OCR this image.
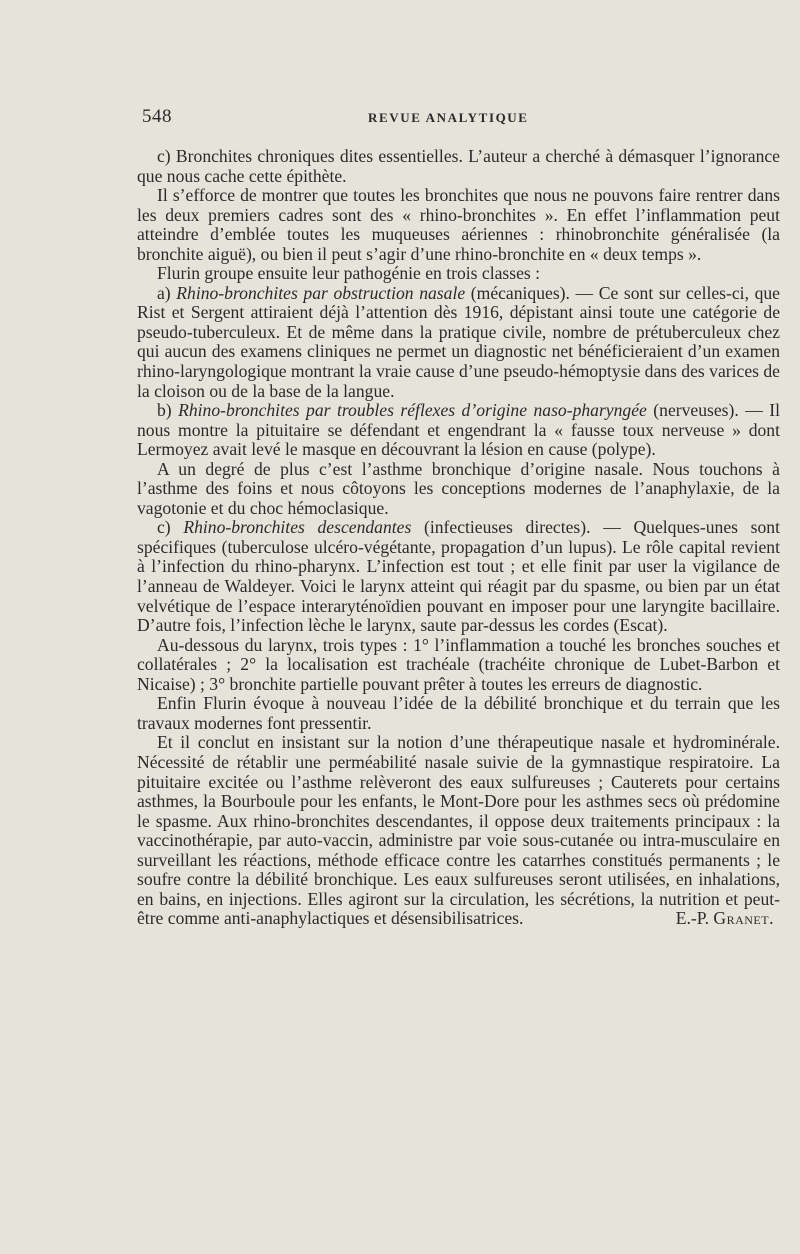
548	REVUE ANALYTIQUE

c) Bronchites chroniques dites essentielles. L’auteur a cherché à démasquer l’ignorance que nous cache cette épithète.

Il s’efforce de montrer que toutes les bronchites que nous ne pouvons faire rentrer dans les deux premiers cadres sont des « rhino-bronchites ». En effet l’inflammation peut atteindre d’emblée toutes les muqueuses aériennes : rhinobronchite généralisée (la bronchite aiguë), ou bien il peut s’agir d’une rhino-bronchite en « deux temps ».

Flurin groupe ensuite leur pathogénie en trois classes :

a) Rhino-bronchites par obstruction nasale (mécaniques). — Ce sont sur celles-ci, que Rist et Sergent attiraient déjà l’attention dès 1916, dépistant ainsi toute une catégorie de pseudo-tuberculeux. Et de même dans la pratique civile, nombre de prétuberculeux chez qui aucun des examens cliniques ne permet un diagnostic net bénéficieraient d’un examen rhino-laryngologique montrant la vraie cause d’une pseudo-hémoptysie dans des varices de la cloison ou de la base de la langue.

b) Rhino-bronchites par troubles réflexes d’origine naso-pharyngée (nerveuses). — Il nous montre la pituitaire se défendant et engendrant la « fausse toux nerveuse » dont Lermoyez avait levé le masque en découvrant la lésion en cause (polype).

A un degré de plus c’est l’asthme bronchique d’origine nasale. Nous touchons à l’asthme des foins et nous côtoyons les conceptions modernes de l’anaphylaxie, de la vagotonie et du choc hémoclasique.

c) Rhino-bronchites descendantes (infectieuses directes). — Quelques-unes sont spécifiques (tuberculose ulcéro-végétante, propagation d’un lupus). Le rôle capital revient à l’infection du rhino-pharynx. L’infection est tout ; et elle finit par user la vigilance de l’anneau de Waldeyer. Voici le larynx atteint qui réagit par du spasme, ou bien par un état velvétique de l’espace interaryténoïdien pouvant en imposer pour une laryngite bacillaire. D’autre fois, l’infection lèche le larynx, saute par-dessus les cordes (Escat).

Au-dessous du larynx, trois types : 1° l’inflammation a touché les bronches souches et collatérales ; 2° la localisation est trachéale (trachéite chronique de Lubet-Barbon et Nicaise) ; 3° bronchite partielle pouvant prêter à toutes les erreurs de diagnostic.

Enfin Flurin évoque à nouveau l’idée de la débilité bronchique et du terrain que les travaux modernes font pressentir.

Et il conclut en insistant sur la notion d’une thérapeutique nasale et hydrominérale. Nécessité de rétablir une perméabilité nasale suivie de la gymnastique respiratoire. La pituitaire excitée ou l’asthme relèveront des eaux sulfureuses ; Cauterets pour certains asthmes, la Bourboule pour les enfants, le Mont-Dore pour les asthmes secs où prédomine le spasme. Aux rhino-bronchites descendantes, il oppose deux traitements principaux : la vaccinothérapie, par auto-vaccin, administre par voie sous-cutanée ou intra-musculaire en surveillant les réactions, méthode efficace contre les catarrhes constitués permanents ; le soufre contre la débilité bronchique. Les eaux sulfureuses seront utilisées, en inhalations, en bains, en injections. Elles agiront sur la circulation, les sécrétions, la nutrition et peut-être comme anti-anaphylactiques et désensibilisatrices.	E.-P. Granet.
